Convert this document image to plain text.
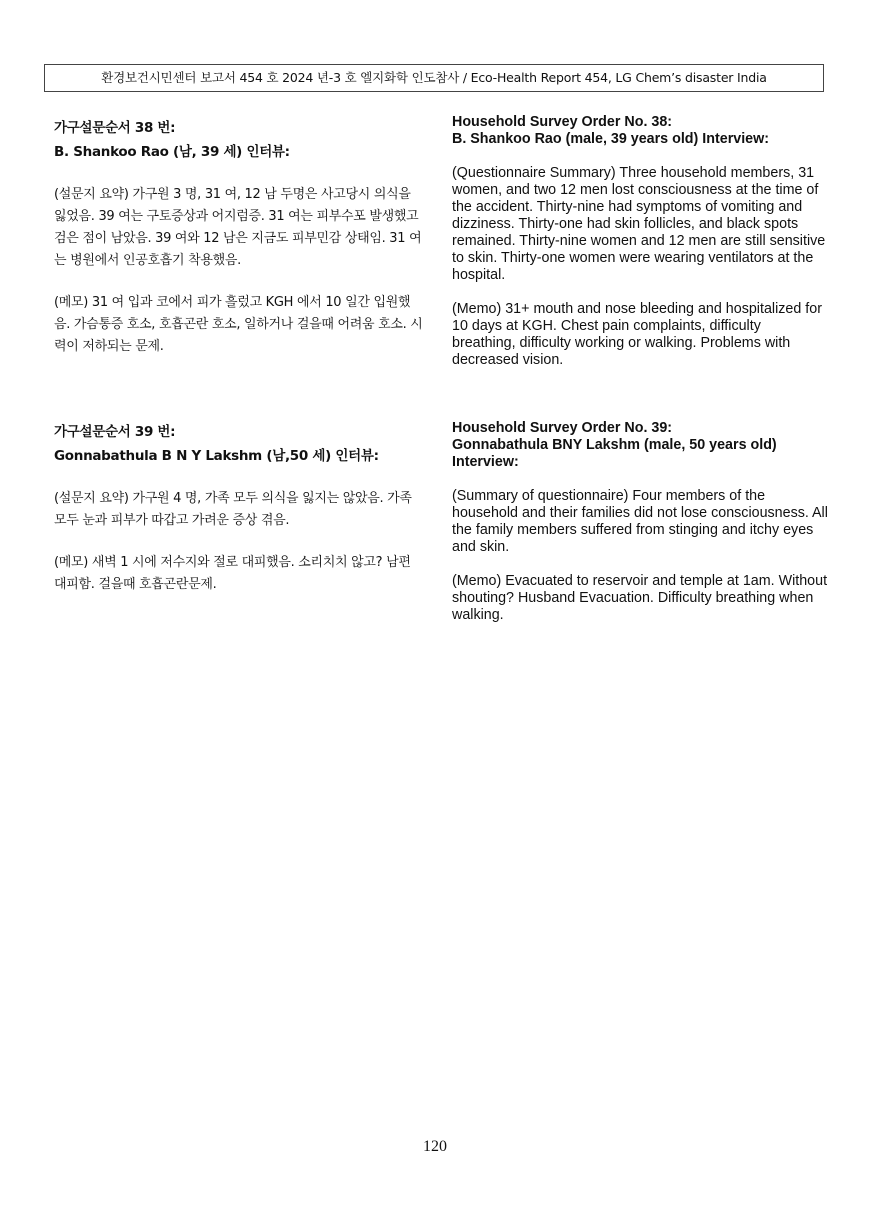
환경보건시민센터 보고서 454 호 2024 년-3 호 엘지화학 인도참사 / Eco-Health Report 454, LG Chem’s disaster India
가구설문순서 38 번:
B. Shankoo Rao (남, 39 세) 인터뷰:

(설문지 요약) 가구원 3 명, 31 여, 12 남 두명은 사고당시 의식을 잃었음. 39 여는 구토증상과 어지럼증. 31 여는 피부수포 발생했고 검은 점이 남았음. 39 여와 12 남은 지금도 피부민감 상태임. 31 여는 병원에서 인공호흡기 착용했음.

(메모) 31 여 입과 코에서 피가 흘렀고 KGH 에서 10 일간 입원했음. 가슴통증 호소, 호흡곤란 호소, 일하거나 걸을때 어려움 호소. 시력이 저하되는 문제.

Household Survey Order No. 38:
B. Shankoo Rao (male, 39 years old) Interview:

(Questionnaire Summary) Three household members, 31 women, and two 12 men lost consciousness at the time of the accident. Thirty-nine had symptoms of vomiting and dizziness. Thirty-one had skin follicles, and black spots remained. Thirty-nine women and 12 men are still sensitive to skin. Thirty-one women were wearing ventilators at the hospital.

(Memo) 31+ mouth and nose bleeding and hospitalized for 10 days at KGH. Chest pain complaints, difficulty breathing, difficulty working or walking. Problems with decreased vision.

가구설문순서 39 번:
Gonnabathula B N Y Lakshm (남,50 세) 인터뷰:

(설문지 요약) 가구원 4 명, 가족 모두 의식을 잃지는 않았음. 가족 모두 눈과 피부가 따갑고 가려운 증상 겪음.

(메모) 새벽 1 시에 저수지와 절로 대피했음. 소리치치 않고? 남편 대피함. 걸을때 호흡곤란문제.

Household Survey Order No. 39:
Gonnabathula BNY Lakshm (male, 50 years old) Interview:

(Summary of questionnaire) Four members of the household and their families did not lose consciousness. All the family members suffered from stinging and itchy eyes and skin.

(Memo) Evacuated to reservoir and temple at 1am. Without shouting? Husband Evacuation. Difficulty breathing when walking.

120
